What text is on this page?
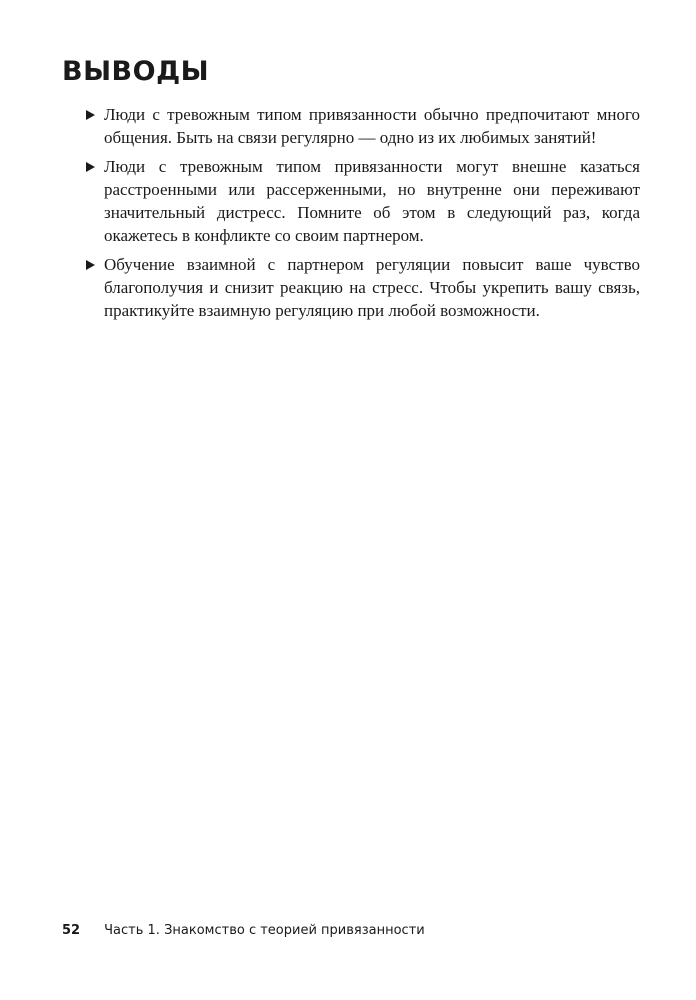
ВЫВОДЫ
Люди с тревожным типом привязанности обычно предпочитают много общения. Быть на связи регулярно — одно из их любимых занятий!
Люди с тревожным типом привязанности могут внешне казаться расстроенными или рассерженными, но внутренне они переживают значительный дистресс. Помните об этом в следующий раз, когда окажетесь в конфликте со своим партнером.
Обучение взаимной с партнером регуляции повысит ваше чувство благополучия и снизит реакцию на стресс. Чтобы укрепить вашу связь, практикуйте взаимную регуляцию при любой возможности.
52 Часть 1. Знакомство с теорией привязанности
